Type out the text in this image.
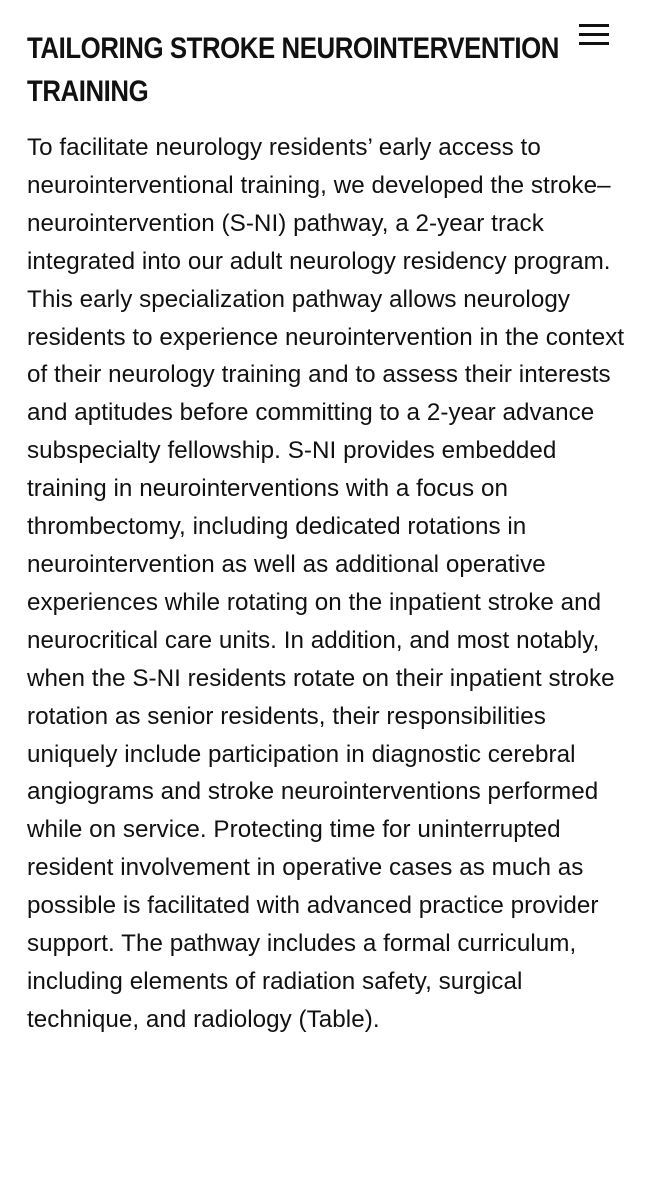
TAILORING STROKE NEUROINTERVENTION
TRAINING

To facilitate neurology residents’ early access to neurointerventional training, we developed the stroke–neurointervention (S-NI) pathway, a 2-year track integrated into our adult neurology residency program. This early specialization pathway allows neurology residents to experience neurointervention in the context of their neurology training and to assess their interests and aptitudes before committing to a 2-year advance subspecialty fellowship. S-NI provides embedded training in neurointerventions with a focus on thrombectomy, including dedicated rotations in neurointervention as well as additional operative experiences while rotating on the inpatient stroke and neurocritical care units. In addition, and most notably, when the S-NI residents rotate on their inpatient stroke rotation as senior residents, their responsibilities uniquely include participation in diagnostic cerebral angiograms and stroke neurointerventions performed while on service. Protecting time for uninterrupted resident involvement in operative cases as much as possible is facilitated with advanced practice provider support. The pathway includes a formal curriculum, including elements of radiation safety, surgical technique, and radiology (Table).
